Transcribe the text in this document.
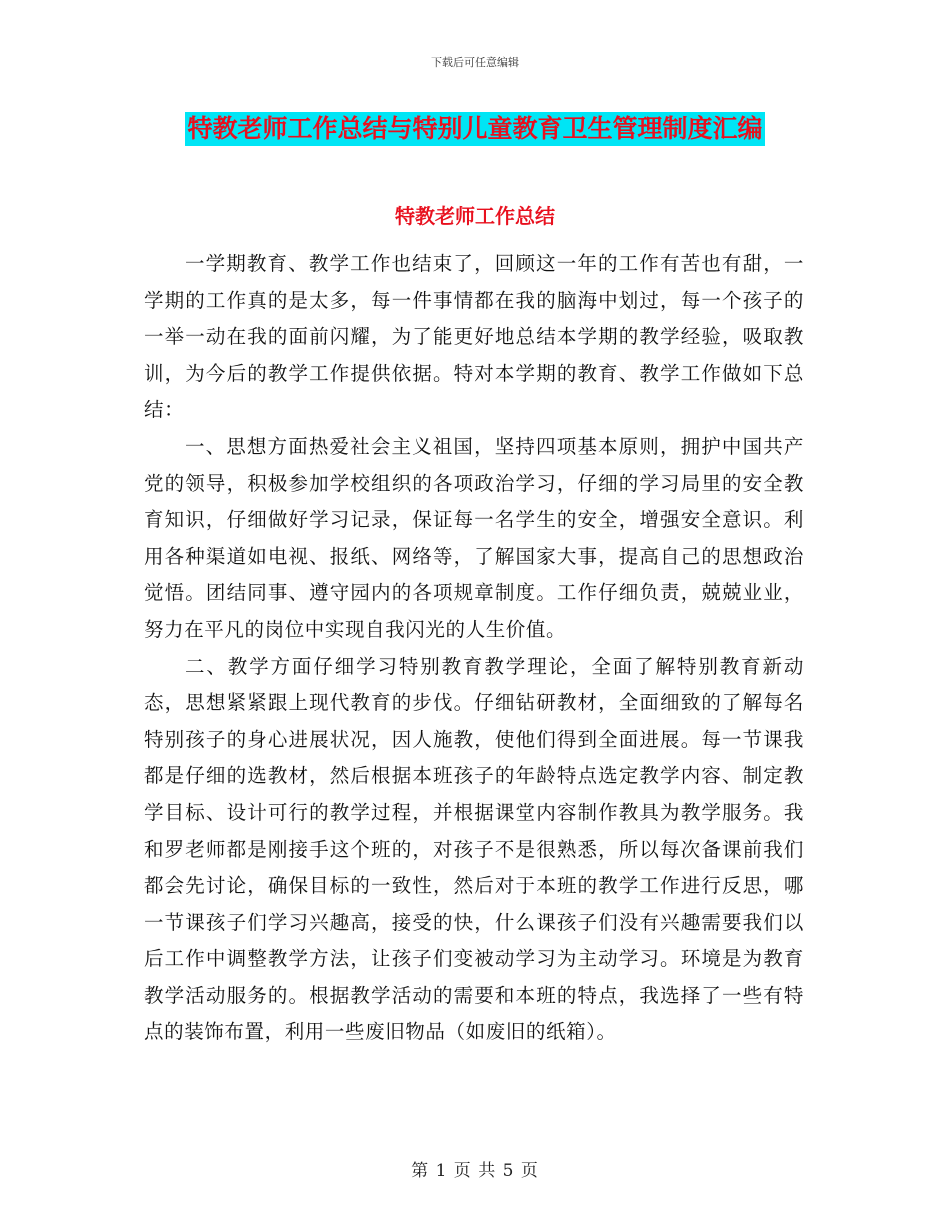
下载后可任意编辑
特教老师工作总结与特别儿童教育卫生管理制度汇编
特教老师工作总结

一学期教育、教学工作也结束了，回顾这一年的工作有苦也有甜，一学期的工作真的是太多，每一件事情都在我的脑海中划过，每一个孩子的一举一动在我的面前闪耀，为了能更好地总结本学期的教学经验，吸取教训，为今后的教学工作提供依据。特对本学期的教育、教学工作做如下总结：

一、思想方面热爱社会主义祖国，坚持四项基本原则，拥护中国共产党的领导，积极参加学校组织的各项政治学习，仔细的学习局里的安全教育知识，仔细做好学习记录，保证每一名学生的安全，增强安全意识。利用各种渠道如电视、报纸、网络等，了解国家大事，提高自己的思想政治觉悟。团结同事、遵守园内的各项规章制度。工作仔细负责，兢兢业业，努力在平凡的岗位中实现自我闪光的人生价值。

二、教学方面仔细学习特别教育教学理论，全面了解特别教育新动态，思想紧紧跟上现代教育的步伐。仔细钻研教材，全面细致的了解每名特别孩子的身心进展状况，因人施教，使他们得到全面进展。每一节课我都是仔细的选教材，然后根据本班孩子的年龄特点选定教学内容、制定教学目标、设计可行的教学过程，并根据课堂内容制作教具为教学服务。我和罗老师都是刚接手这个班的，对孩子不是很熟悉，所以每次备课前我们都会先讨论，确保目标的一致性，然后对于本班的教学工作进行反思，哪一节课孩子们学习兴趣高，接受的快，什么课孩子们没有兴趣需要我们以后工作中调整教学方法，让孩子们变被动学习为主动学习。环境是为教育教学活动服务的。根据教学活动的需要和本班的特点，我选择了一些有特点的装饰布置，利用一些废旧物品（如废旧的纸箱）。

第 1 页 共 5 页
